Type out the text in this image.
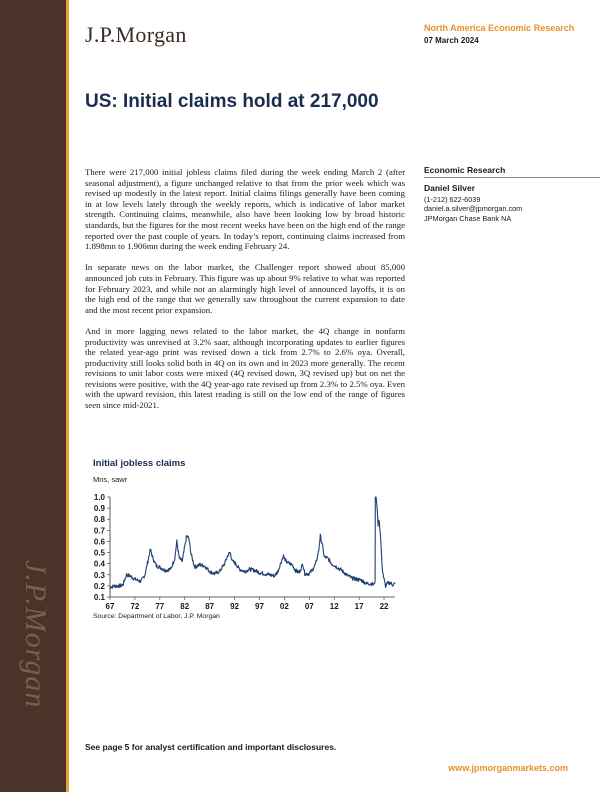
J.P.Morgan
J.P.Morgan	North America Economic Research
07 March 2024
US: Initial claims hold at 217,000

There were 217,000 initial jobless claims filed during the week ending March 2 (after seasonal adjustment), a figure unchanged relative to that from the prior week which was revised up modestly in the latest report. Initial claims filings generally have been coming in at low levels lately through the weekly reports, which is indicative of labor market strength. Continuing claims, meanwhile, also have been looking low by broad historic standards, but the figures for the most recent weeks have been on the high end of the range reported over the past couple of years. In today’s report, continuing claims increased from 1.898mn to 1.906mn during the week ending February 24.

In separate news on the labor market, the Challenger report showed about 85,000 announced job cuts in February. This figure was up about 9% relative to what was reported for February 2023, and while not an alarmingly high level of announced layoffs, it is on the high end of the range that we generally saw throughout the current expansion to date and the most recent prior expansion.

And in more lagging news related to the labor market, the 4Q change in nonfarm productivity was unrevised at 3.2% saar, although incorporating updates to earlier figures the related year-ago print was revised down a tick from 2.7% to 2.6% oya. Overall, productivity still looks solid both in 4Q on its own and in 2023 more generally. The recent revisions to unit labor costs were mixed (4Q revised down, 3Q revised up) but on net the revisions were positive, with the 4Q year-ago rate revised up from 2.3% to 2.5% oya. Even with the upward revision, this latest reading is still on the low end of the range of figures seen since mid-2021.

Economic Research
Daniel Silver
(1-212) 622-6039
daniel.a.silver@jpmorgan.com
JPMorgan Chase Bank NA
Initial jobless claims
Mns, sawr
1.0
0.9
0.8
0.7
0.6
0.5
0.4
0.3
0.2
0.1
67 72 77 82 87 92 97 02 07 12 17 22
Source: Department of Labor, J.P. Morgan
See page 5 for analyst certification and important disclosures.
www.jpmorganmarkets.com
